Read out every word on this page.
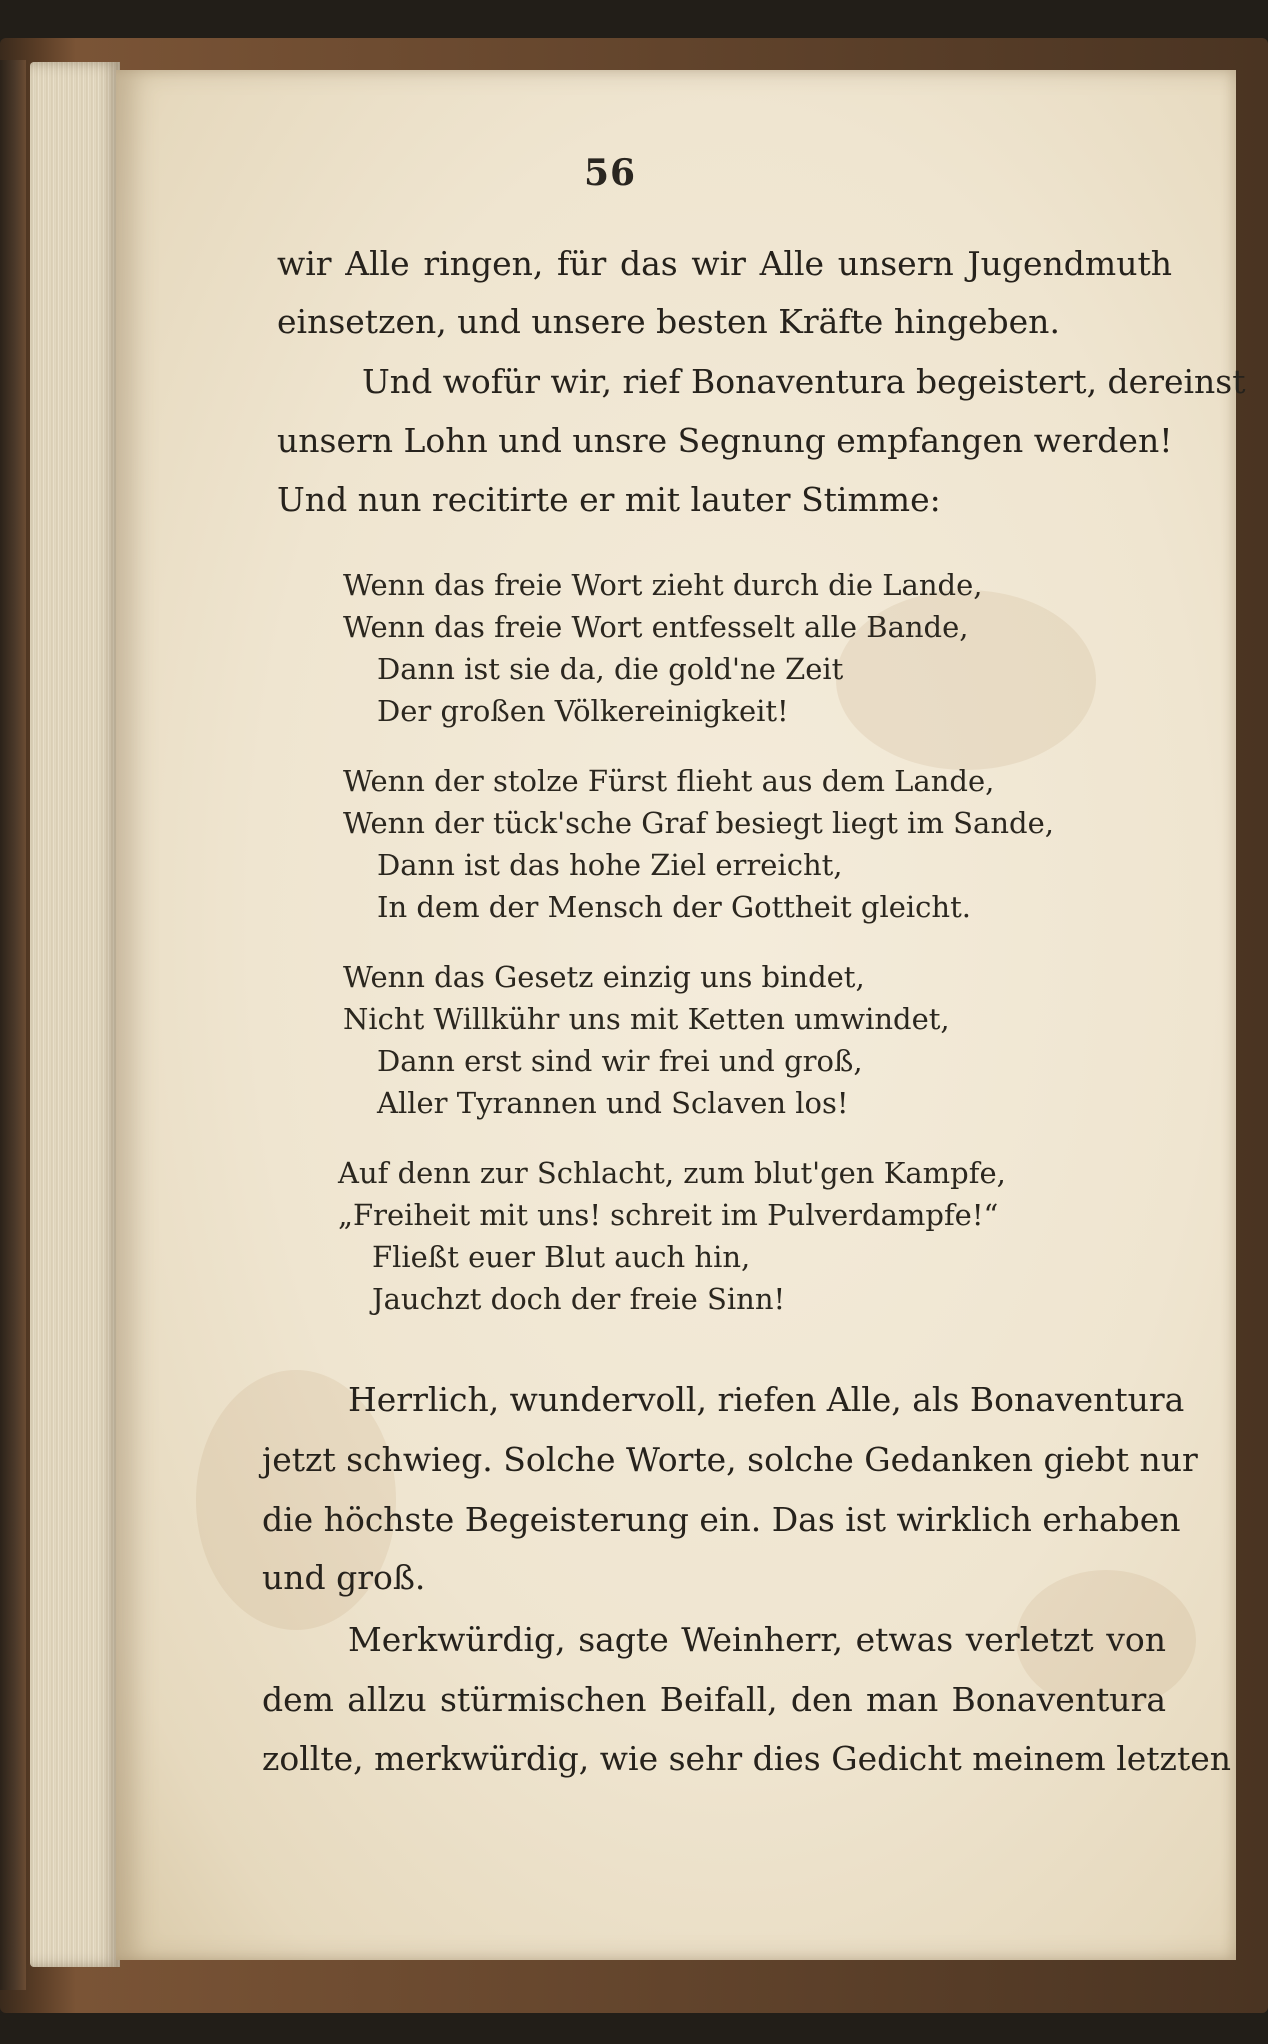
56
wir Alle ringen, für das wir Alle unsern Jugendmuth
einsetzen, und unsere besten Kräfte hingeben.
Und wofür wir, rief Bonaventura begeistert, dereinst
unsern Lohn und unsre Segnung empfangen werden!
Und nun recitirte er mit lauter Stimme:
Wenn das freie Wort zieht durch die Lande,
Wenn das freie Wort entfesselt alle Bande,
Dann ist sie da, die gold'ne Zeit
Der großen Völkereinigkeit!
Wenn der stolze Fürst flieht aus dem Lande,
Wenn der tück'sche Graf besiegt liegt im Sande,
Dann ist das hohe Ziel erreicht,
In dem der Mensch der Gottheit gleicht.
Wenn das Gesetz einzig uns bindet,
Nicht Willkühr uns mit Ketten umwindet,
Dann erst sind wir frei und groß,
Aller Tyrannen und Sclaven los!
Auf denn zur Schlacht, zum blut'gen Kampfe,
„Freiheit mit uns! schreit im Pulverdampfe!“
Fließt euer Blut auch hin,
Jauchzt doch der freie Sinn!
Herrlich, wundervoll, riefen Alle, als Bonaventura
jetzt schwieg. Solche Worte, solche Gedanken giebt nur
die höchste Begeisterung ein. Das ist wirklich erhaben
und groß.
Merkwürdig, sagte Weinherr, etwas verletzt von
dem allzu stürmischen Beifall, den man Bonaventura
zollte, merkwürdig, wie sehr dies Gedicht meinem letzten
